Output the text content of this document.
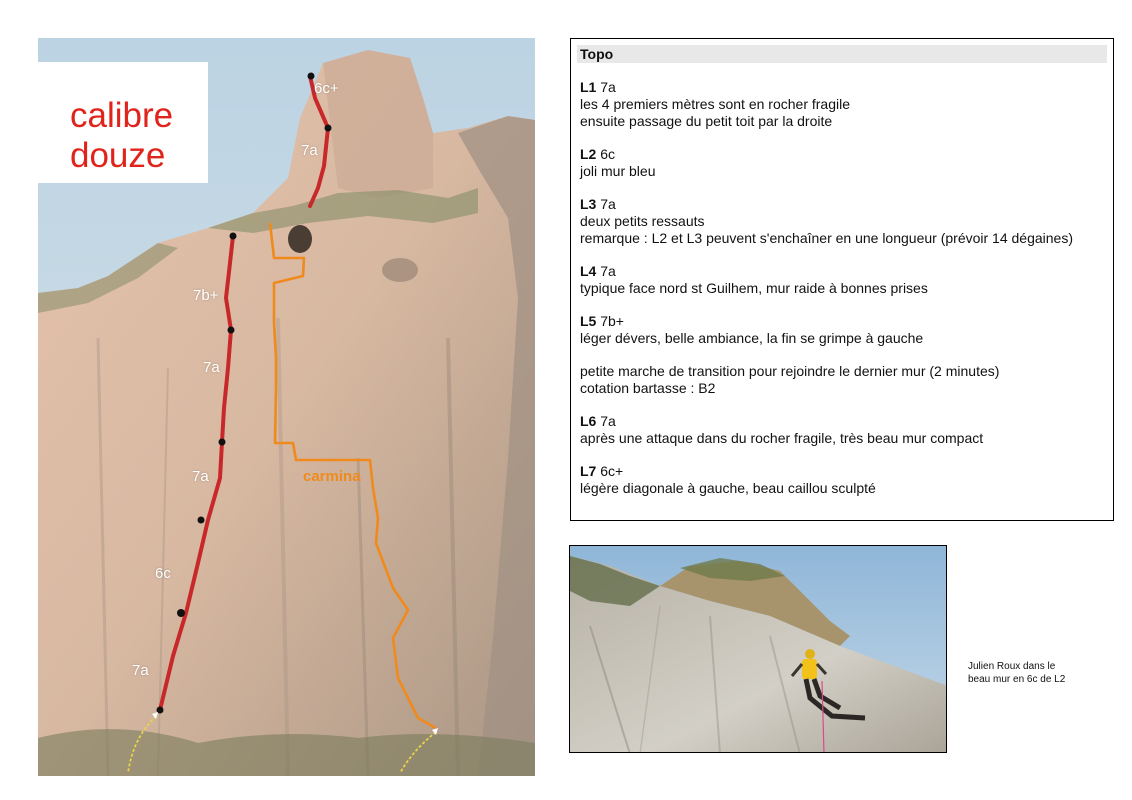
calibre
douze
6c+
7a
7b+
7a
7a
6c
7a
carmina
Topo

L1 7a

les 4 premiers mètres sont en rocher fragile

ensuite passage du petit toit par la droite

L2 6c

joli mur bleu

L3 7a

deux petits ressauts

remarque : L2 et L3 peuvent s'enchaîner en une longueur (prévoir 14 dégaines)

L4 7a

typique face nord st Guilhem, mur raide à bonnes prises

L5 7b+

léger dévers, belle ambiance, la fin se grimpe à gauche

petite marche de transition pour rejoindre le dernier mur (2 minutes)

cotation bartasse : B2

L6 7a

après une attaque dans du rocher fragile, très beau mur compact

L7 6c+

légère diagonale à gauche, beau caillou sculpté

Julien Roux dans le
beau mur en 6c de L2
